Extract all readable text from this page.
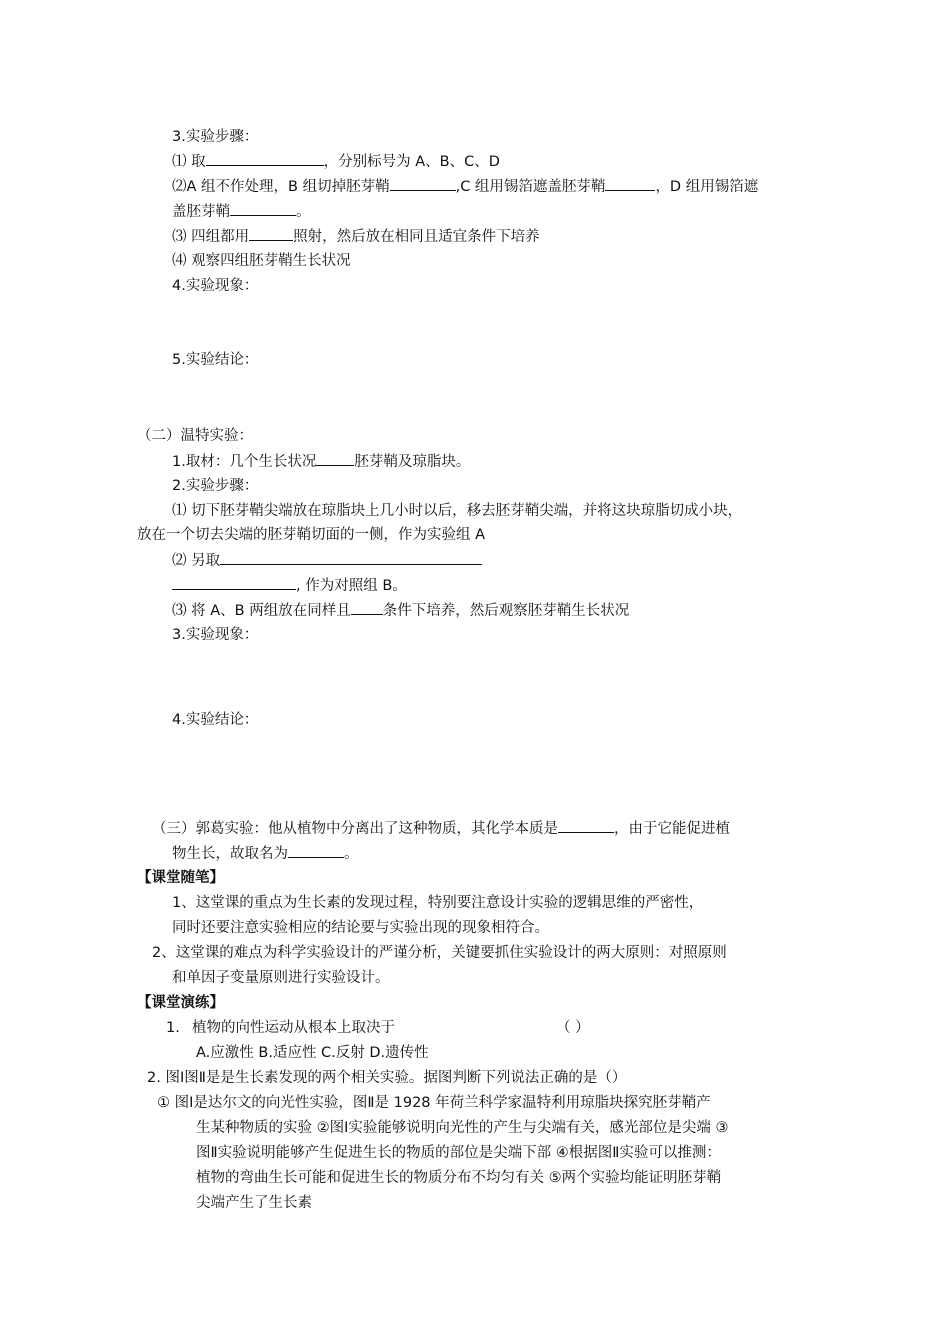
3.实验步骤：
⑴ 取	，分别标号为 A、B、C、D
⑵A 组不作处理，B 组切掉胚芽鞘	,C 组用锡箔遮盖胚芽鞘	，D 组用锡箔遮
盖胚芽鞘	。
⑶ 四组都用	照射，然后放在相同且适宜条件下培养
⑷ 观察四组胚芽鞘生长状况
4.实验现象：
5.实验结论：
（二）温特实验：
1.取材：几个生长状况	胚芽鞘及琼脂块。
2.实验步骤：
⑴ 切下胚芽鞘尖端放在琼脂块上几小时以后，移去胚芽鞘尖端，并将这块琼脂切成小块，
放在一个切去尖端的胚芽鞘切面的一侧，作为实验组 A
⑵ 另取
, 作为对照组 B。
⑶ 将 A、B 两组放在同样且 条件下培养，然后观察胚芽鞘生长状况
3.实验现象：
4.实验结论：
（三）郭葛实验：他从植物中分离出了这种物质，其化学本质是	，由于它能促进植
物生长，故取名为	。
【课堂随笔】
1、这堂课的重点为生长素的发现过程，特别要注意设计实验的逻辑思维的严密性，
同时还要注意实验相应的结论要与实验出现的现象相符合。
2、这堂课的难点为科学实验设计的严谨分析，关键要抓住实验设计的两大原则：对照原则
和单因子变量原则进行实验设计。
【课堂演练】
1. 植物的向性运动从根本上取决于	（ ）
A.应激性 B.适应性 C.反射 D.遗传性
2. 图Ⅰ图Ⅱ是是生长素发现的两个相关实验。据图判断下列说法正确的是（）
① 图Ⅰ是达尔文的向光性实验，图Ⅱ是 1928 年荷兰科学家温特利用琼脂块探究胚芽鞘产
生某种物质的实验 ②图Ⅰ实验能够说明向光性的产生与尖端有关，感光部位是尖端 ③
图Ⅱ实验说明能够产生促进生长的物质的部位是尖端下部 ④根据图Ⅱ实验可以推测：
植物的弯曲生长可能和促进生长的物质分布不均匀有关 ⑤两个实验均能证明胚芽鞘
尖端产生了生长素
